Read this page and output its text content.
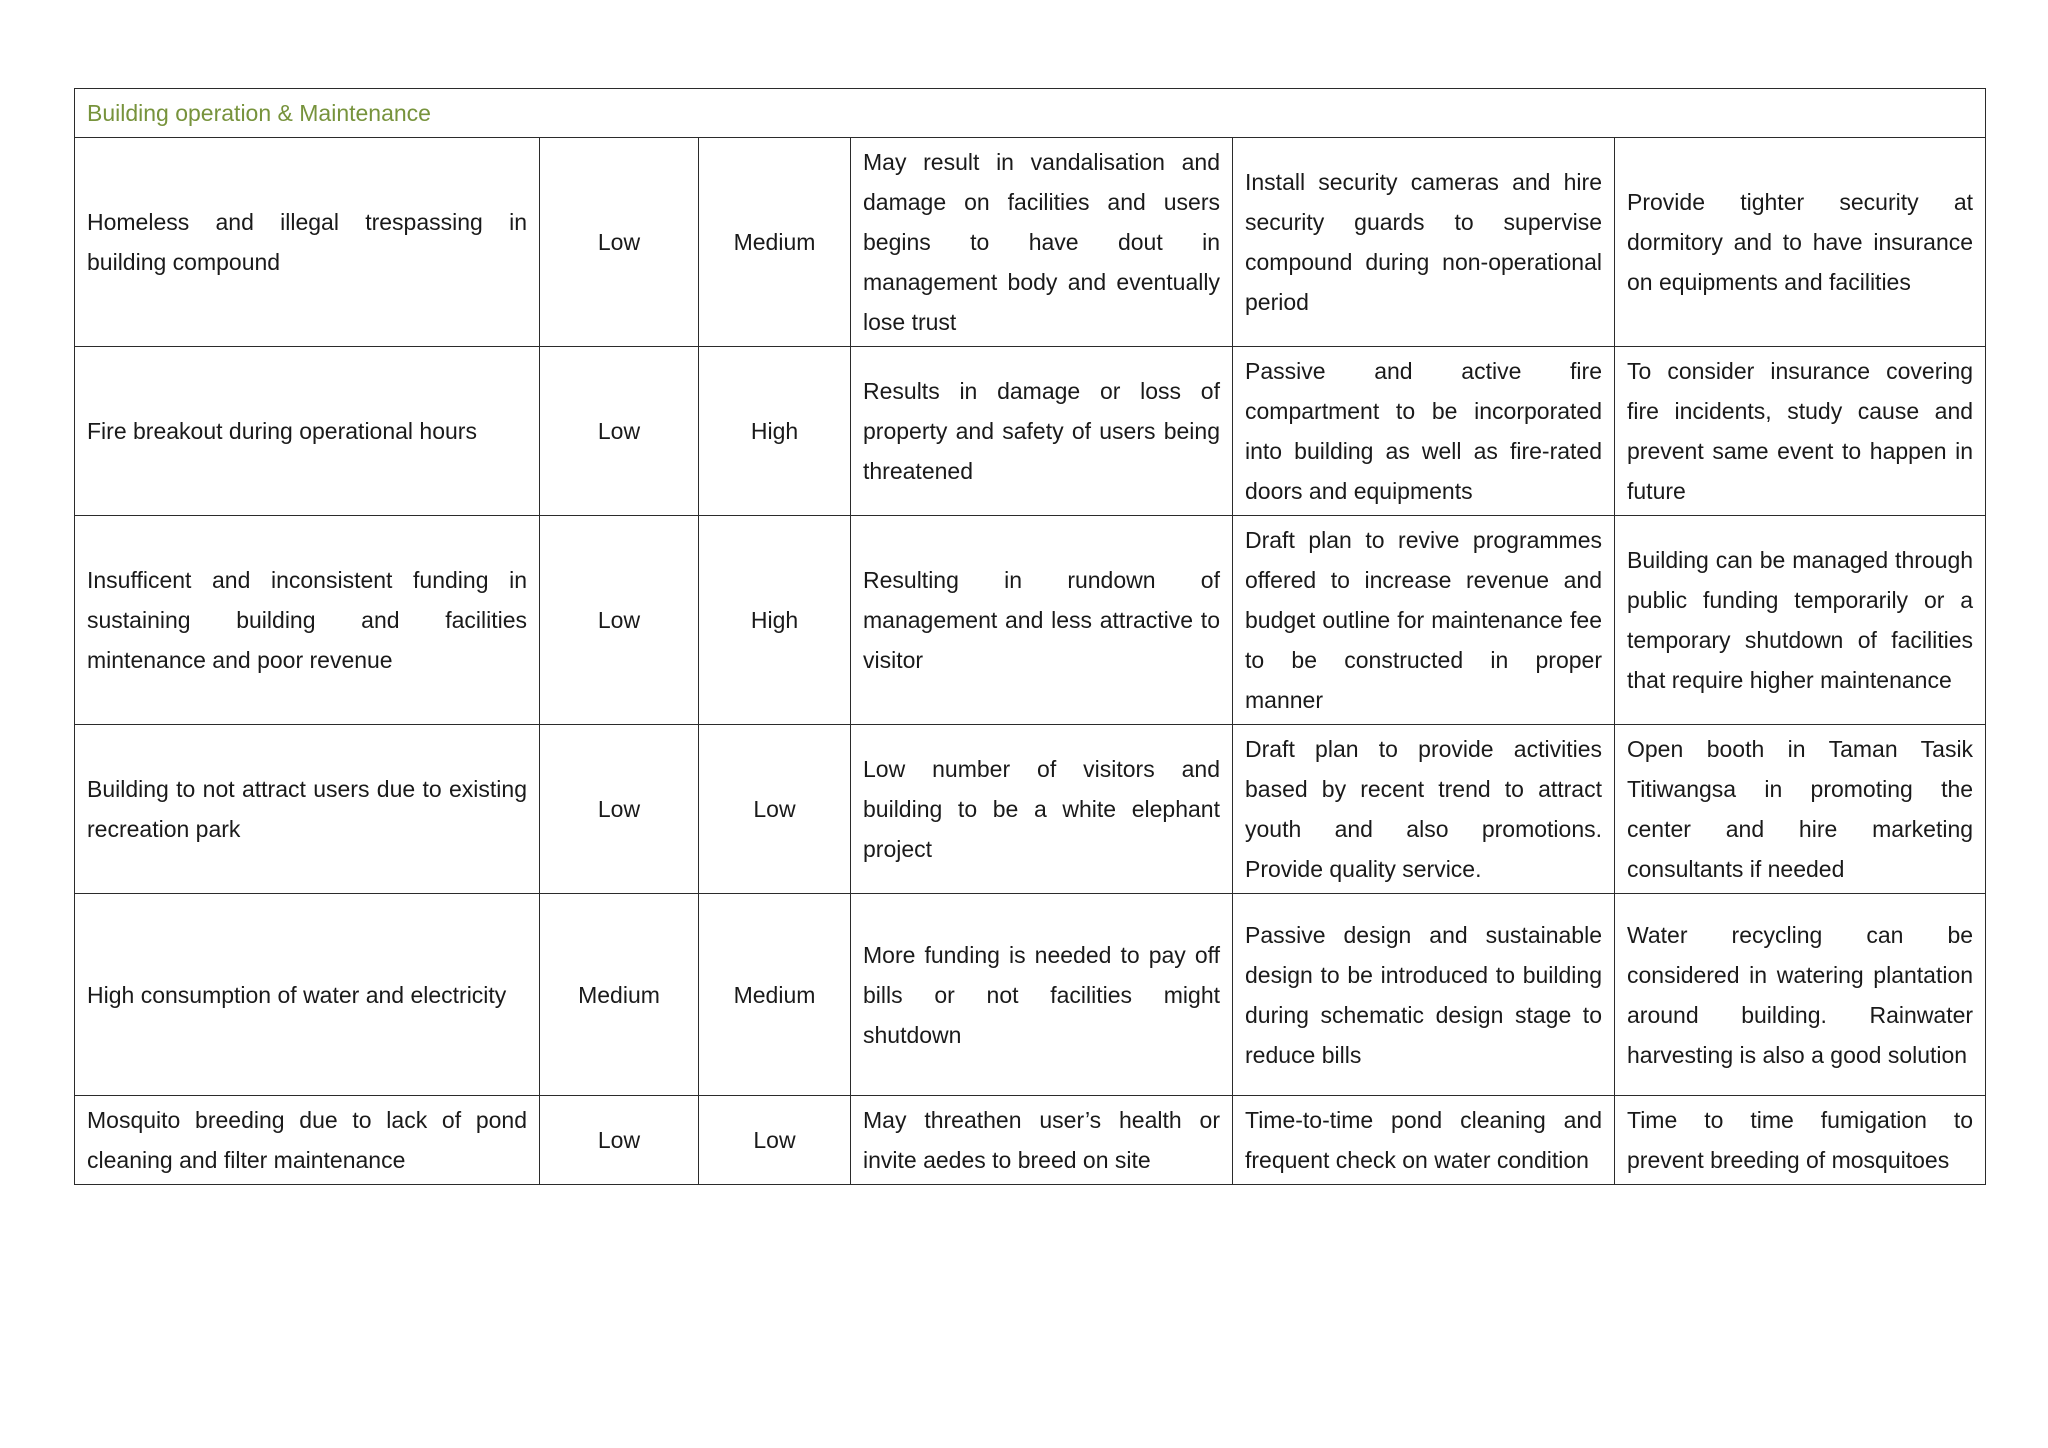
Building operation & Maintenance					
Homeless and illegal trespassing in building compound	Low	Medium	May result in vandalisation and damage on facilities and users begins to have dout in management body and eventually lose trust	Install security cameras and hire security guards to supervise compound during non-operational period	Provide tighter security at dormitory and to have insurance on equipments and facilities
Fire breakout during operational hours	Low	High	Results in damage or loss of property and safety of users being threatened	Passive and active fire compartment to be incorporated into building as well as fire-rated doors and equipments	To consider insurance covering fire incidents, study cause and prevent same event to happen in future
Insufficent and inconsistent funding in sustaining building and facilities mintenance and poor revenue	Low	High	Resulting in rundown of management and less attractive to visitor	Draft plan to revive programmes offered to increase revenue and budget outline for maintenance fee to be constructed in proper manner	Building can be managed through public funding temporarily or a temporary shutdown of facilities that require higher maintenance
Building to not attract users due to existing recreation park	Low	Low	Low number of visitors and building to be a white elephant project	Draft plan to provide activities based by recent trend to attract youth and also promotions. Provide quality service.	Open booth in Taman Tasik Titiwangsa in promoting the center and hire marketing consultants if needed
High consumption of water and electricity	Medium	Medium	More funding is needed to pay off bills or not facilities might shutdown	Passive design and sustainable design to be introduced to building during schematic design stage to reduce bills	Water recycling can be considered in watering plantation around building. Rainwater harvesting is also a good solution
Mosquito breeding due to lack of pond cleaning and filter maintenance	Low	Low	May threathen user’s health or invite aedes to breed on site	Time-to-time pond cleaning and frequent check on water condition	Time to time fumigation to prevent breeding of mosquitoes
